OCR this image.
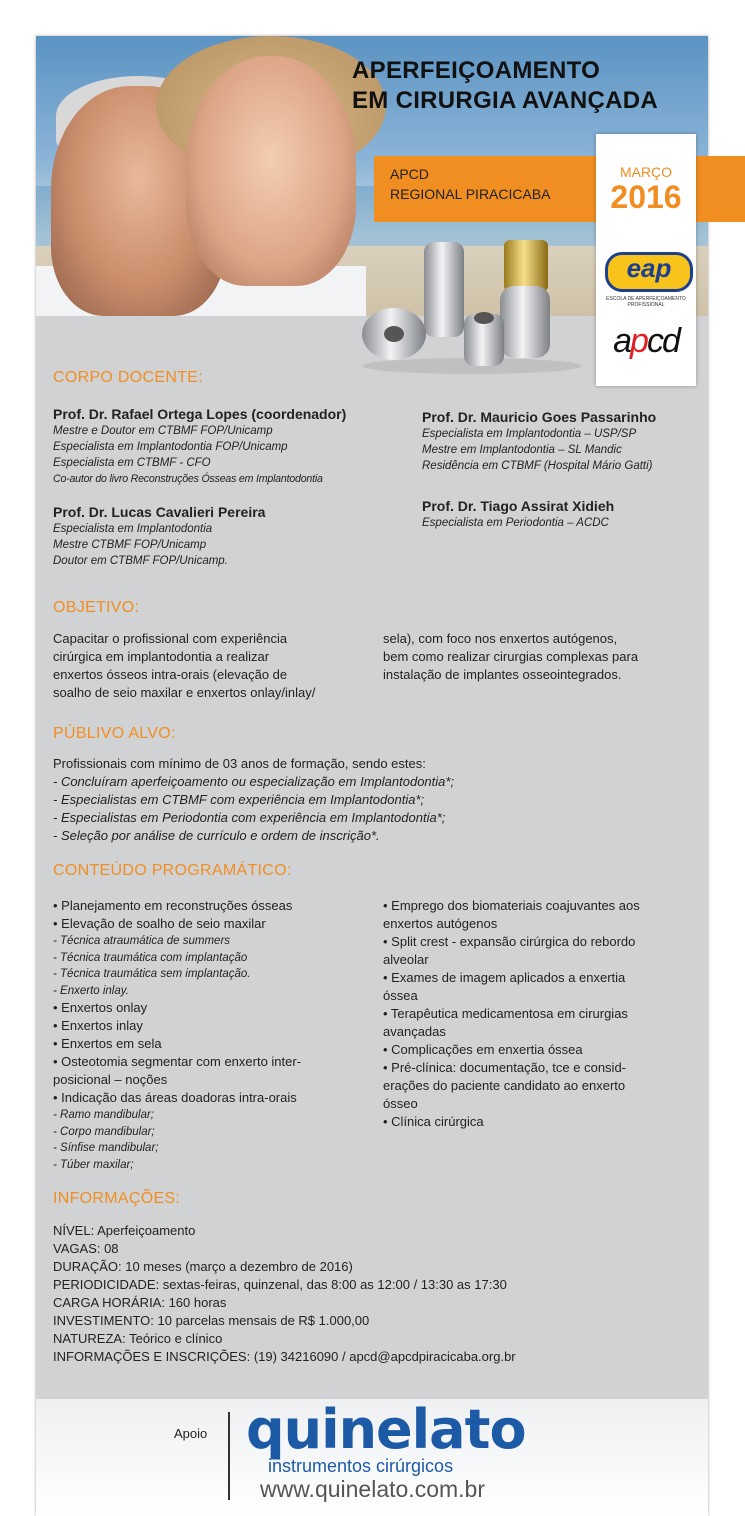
APERFEIÇOAMENTO
EM CIRURGIA AVANÇADA
APCD
REGIONAL PIRACICABA
MARÇO
2016
eap
ESCOLA DE APERFEIÇOAMENTO PROFISSIONAL
apcd
CORPO DOCENTE:
Prof. Dr. Rafael Ortega Lopes (coordenador)
Mestre e Doutor em CTBMF FOP/Unicamp
Especialista em Implantodontia FOP/Unicamp
Especialista em CTBMF - CFO
Co-autor do livro Reconstruções Ósseas em Implantodontia
Prof. Dr. Lucas Cavalieri Pereira
Especialista em Implantodontia
Mestre CTBMF FOP/Unicamp
Doutor em CTBMF FOP/Unicamp.
Prof. Dr. Mauricio Goes Passarinho
Especialista em Implantodontia – USP/SP
Mestre em Implantodontia – SL Mandic
Residência em CTBMF (Hospital Mário Gatti)
Prof. Dr. Tiago Assirat Xidieh
Especialista em Periodontia – ACDC
OBJETIVO:
Capacitar o profissional com experiência
cirúrgica em implantodontia a realizar
enxertos ósseos intra-orais (elevação de
soalho de seio maxilar e enxertos onlay/inlay/
sela), com foco nos enxertos autógenos,
bem como realizar cirurgias complexas para
instalação de implantes osseointegrados.
PÚBLIVO ALVO:
Profissionais com mínimo de 03 anos de formação, sendo estes:
- Concluíram aperfeiçoamento ou especialização em Implantodontia*;
- Especialistas em CTBMF com experiência em Implantodontia*;
- Especialistas em Periodontia com experiência em Implantodontia*;
- Seleção por análise de currículo e ordem de inscrição*.
CONTEÚDO PROGRAMÁTICO:
• Planejamento em reconstruções ósseas
• Elevação de soalho de seio maxilar
- Técnica atraumática de summers
- Técnica traumática com implantação
- Técnica traumática sem implantação.
- Enxerto inlay.
• Enxertos onlay
• Enxertos inlay
• Enxertos em sela
• Osteotomia segmentar com enxerto inter-
posicional – noções
• Indicação das áreas doadoras intra-orais
- Ramo mandibular;
- Corpo mandibular;
- Sínfise mandibular;
- Túber maxilar;
• Emprego dos biomateriais coajuvantes aos
enxertos autógenos
• Split crest - expansão cirúrgica do rebordo
alveolar
• Exames de imagem aplicados a enxertia
óssea
• Terapêutica medicamentosa em cirurgias
avançadas
• Complicações em enxertia óssea
• Pré-clínica: documentação, tce e consid-
erações do paciente candidato ao enxerto
ósseo
• Clínica cirúrgica
INFORMAÇÕES:
NÍVEL: Aperfeiçoamento
VAGAS: 08
DURAÇÃO: 10 meses (março a dezembro de 2016)
PERIODICIDADE: sextas-feiras, quinzenal, das 8:00 as 12:00 / 13:30 as 17:30
CARGA HORÁRIA: 160 horas
INVESTIMENTO: 10 parcelas mensais de R$ 1.000,00
NATUREZA: Teórico e clínico
INFORMAÇÕES E INSCRIÇÕES: (19) 34216090 / apcd@apcdpiracicaba.org.br
Apoio quinelato
instrumentos cirúrgicos
www.quinelato.com.br
